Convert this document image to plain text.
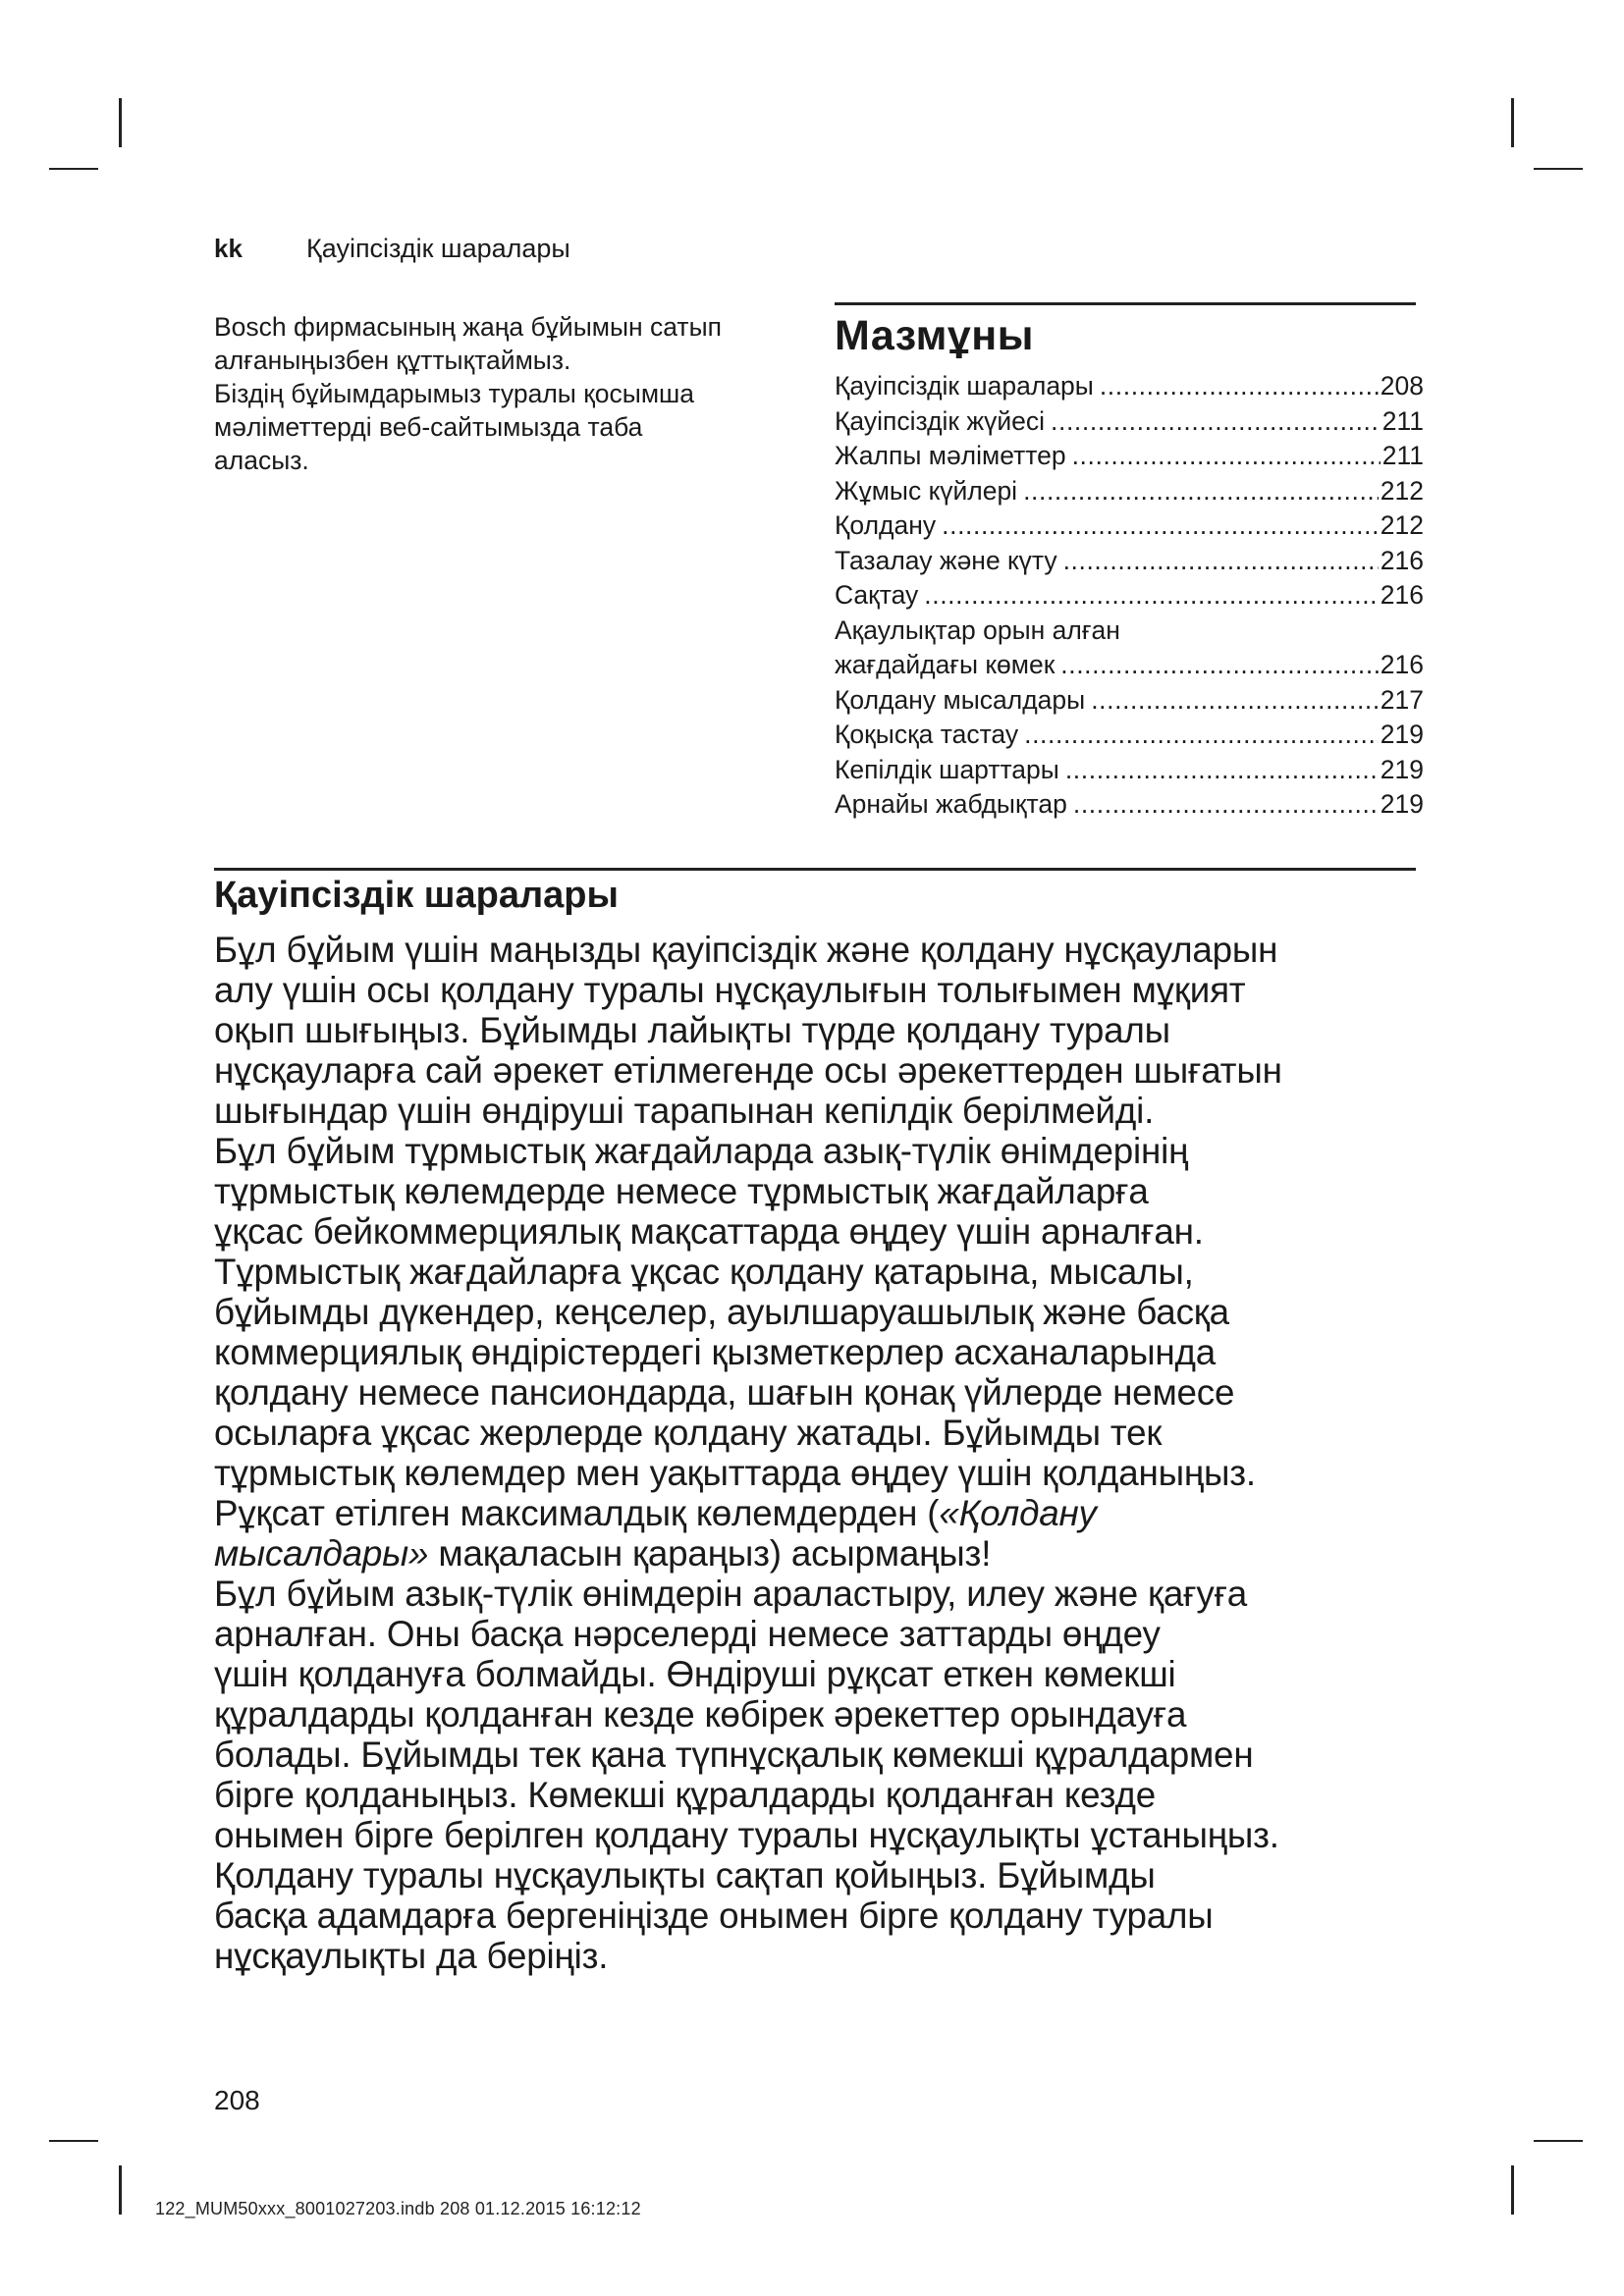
kk Қауіпсіздік шаралары

Bosch фирмасының жаңа бұйымын сатып

алғаныңызбен құттықтаймыз.

Біздің бұйымдарымыз туралы қосымша

мәліметтерді веб-сайтымызда таба

аласыз.

Мазмұны
Қауіпсіздік шаралары .....	208
Қауіпсіздік жүйесі .....	211
Жалпы мәліметтер .....	211
Жұмыс күйлері .....	212
Қолдану .....	212
Тазалау және күту .....	216
Сақтау .....	216
Ақаулықтар орын алған
жағдайдағы көмек .....	216
Қолдану мысалдары .....	217
Қоқысқа тастау .....	219
Кепілдік шарттары .....	219
Арнайы жабдықтар .....	219
Қауіпсіздік шаралары
Бұл бұйым үшін маңызды қауіпсіздік және қолдану нұсқауларын
алу үшін осы қолдану туралы нұсқаулығын толығымен мұқият
оқып шығыңыз. Бұйымды лайықты түрде қолдану туралы
нұсқауларға сай әрекет етілмегенде осы әрекеттерден шығатын
шығындар үшін өндіруші тарапынан кепілдік берілмейді.
Бұл бұйым тұрмыстық жағдайларда азық-түлік өнімдерінің
тұрмыстық көлемдерде немесе тұрмыстық жағдайларға
ұқсас бейкоммерциялық мақсаттарда өңдеу үшін арналған.
Тұрмыстық жағдайларға ұқсас қолдану қатарына, мысалы,
бұйымды дүкендер, кеңселер, ауылшаруашылық және басқа
коммерциялық өндірістердегі қызметкерлер асханаларында
қолдану немесе пансиондарда, шағын қонақ үйлерде немесе
осыларға ұқсас жерлерде қолдану жатады. Бұйымды тек
тұрмыстық көлемдер мен уақыттарда өңдеу үшін қолданыңыз.
Рұқсат етілген максималдық көлемдерден («Қолдану
мысалдары» мақаласын қараңыз) асырмаңыз!
Бұл бұйым азық-түлік өнімдерін араластыру, илеу және қағуға
арналған. Оны басқа нәрселерді немесе заттарды өңдеу
үшін қолдануға болмайды. Өндіруші рұқсат еткен көмекші
құралдарды қолданған кезде көбірек әрекеттер орындауға
болады. Бұйымды тек қана түпнұсқалық көмекші құралдармен
бірге қолданыңыз. Көмекші құралдарды қолданған кезде
онымен бірге берілген қолдану туралы нұсқаулықты ұстаныңыз.
Қолдану туралы нұсқаулықты сақтап қойыңыз. Бұйымды
басқа адамдарға бергеніңізде онымен бірге қолдану туралы
нұсқаулықты да беріңіз.
208
122_MUM50xxx_8001027203.indb 208 01.12.2015 16:12:12
